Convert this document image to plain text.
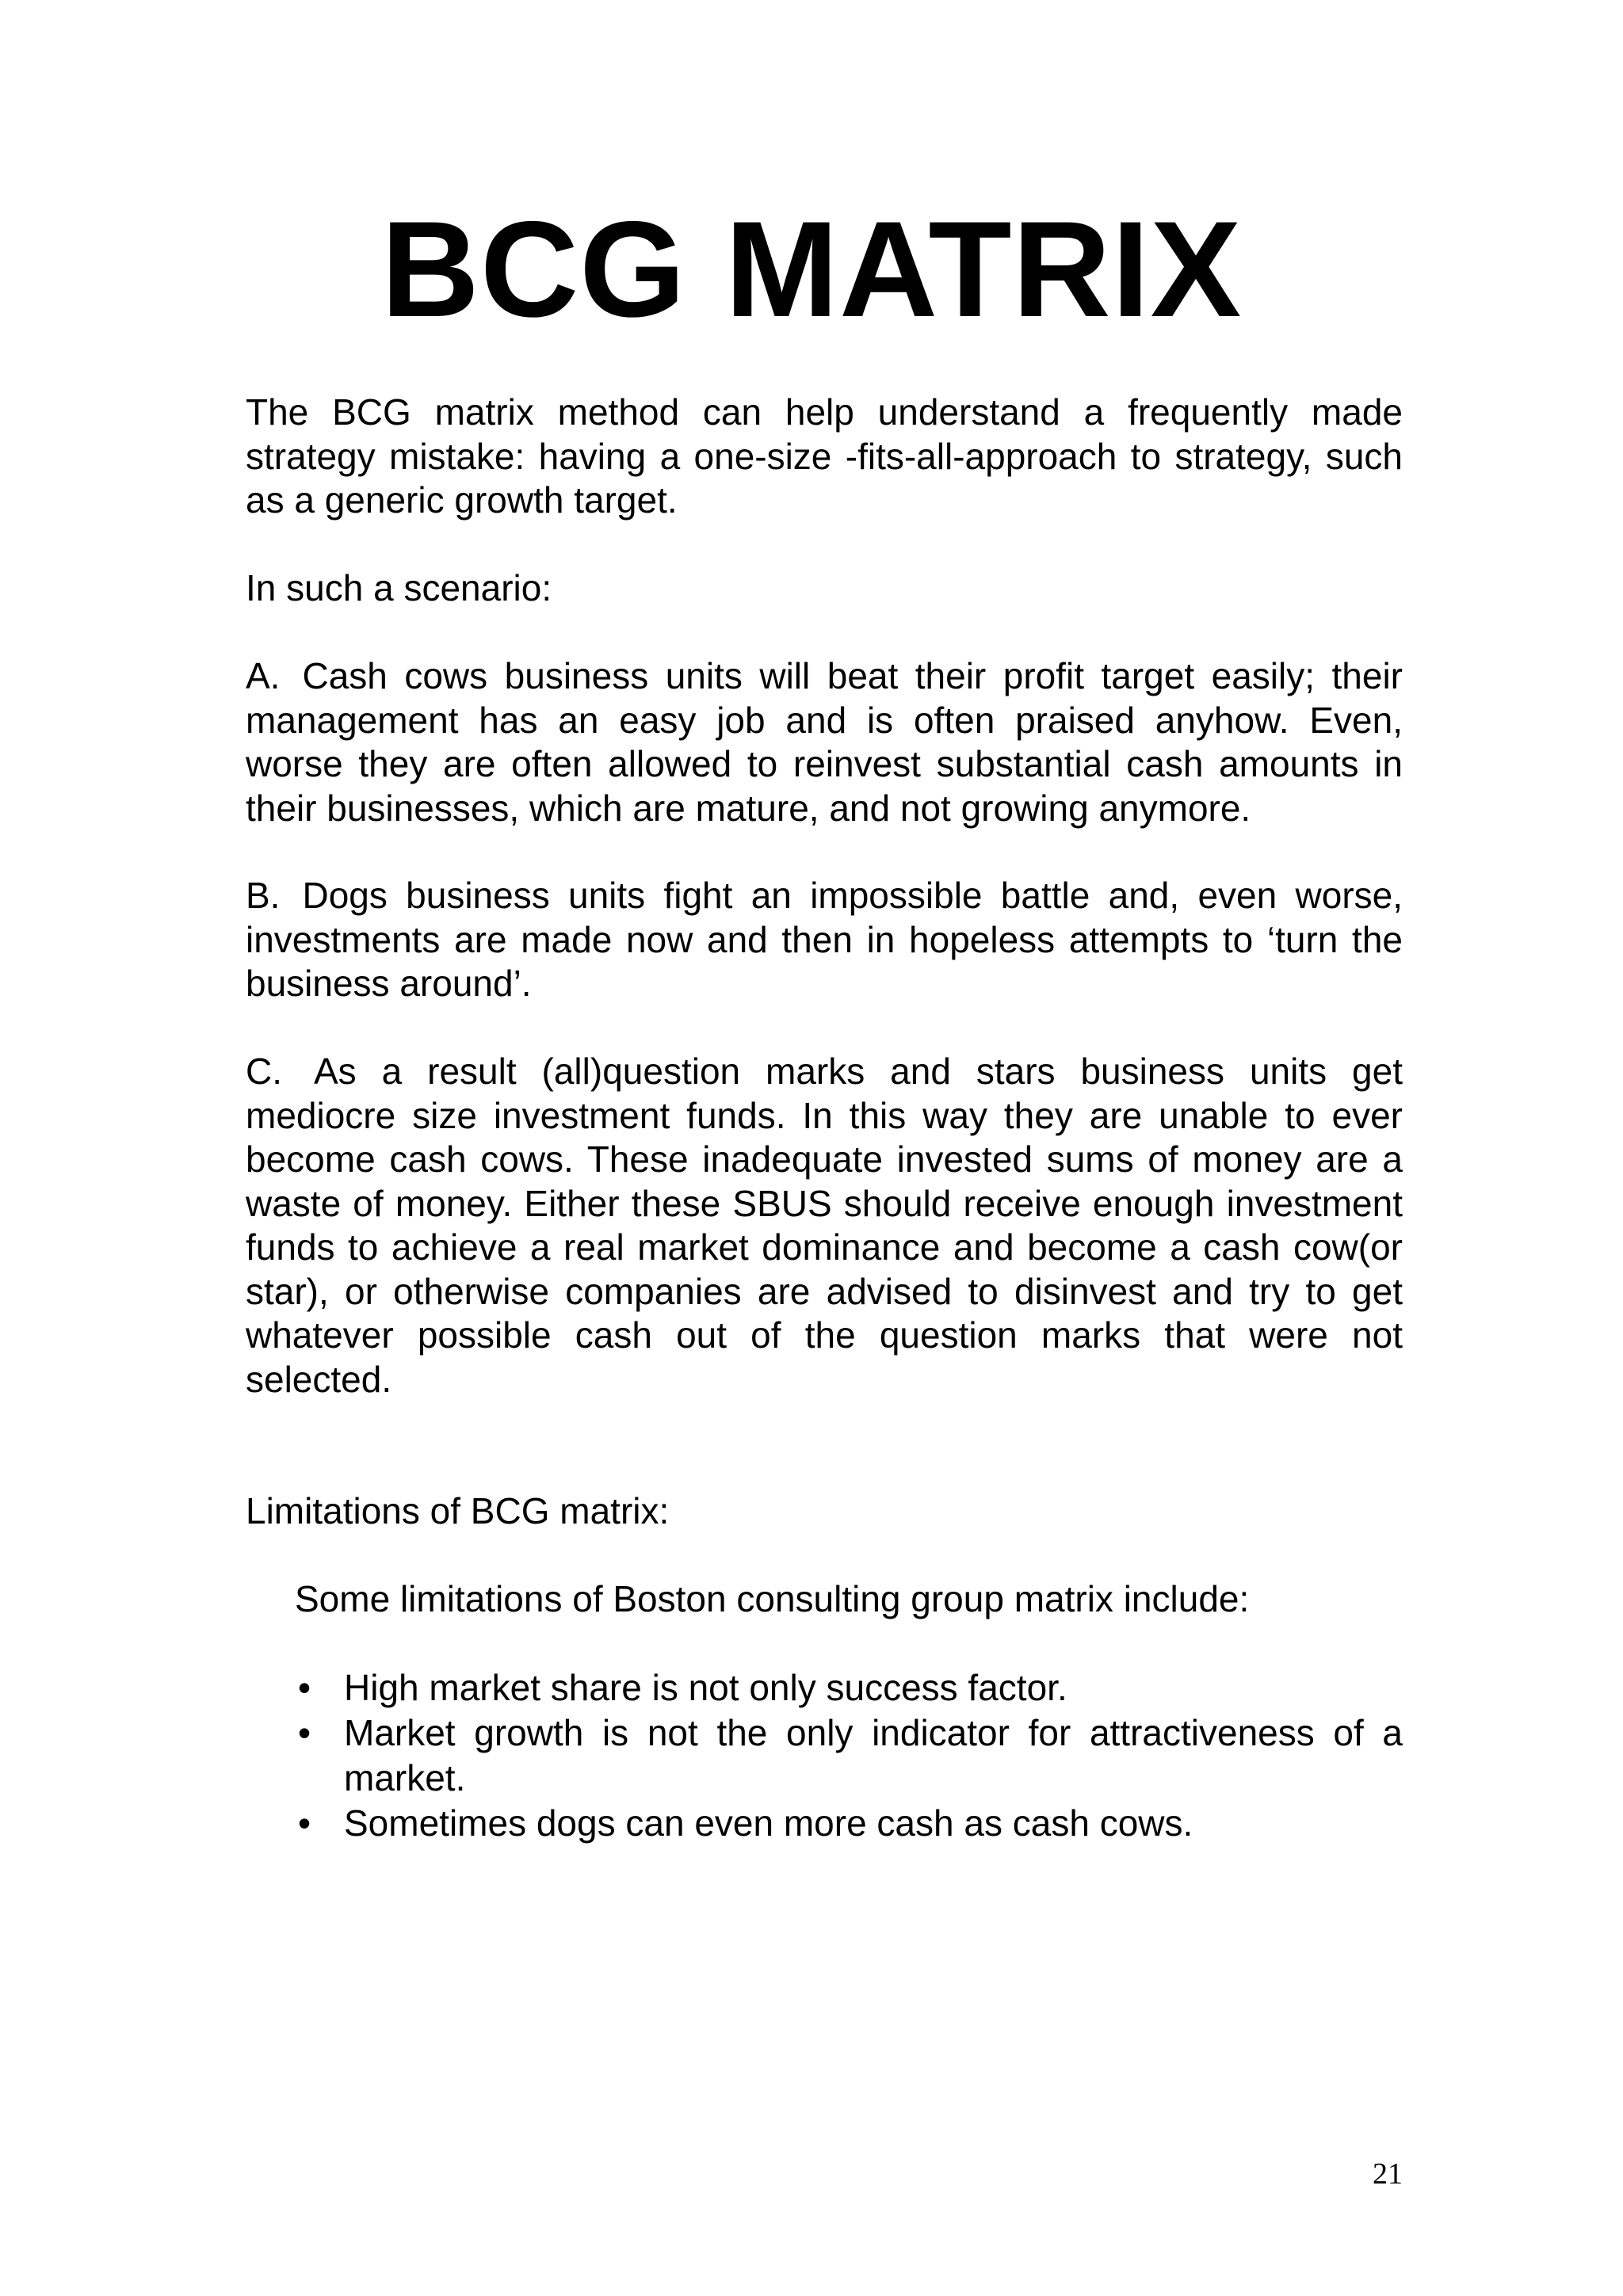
BCG MATRIX

The BCG matrix method can help understand a frequently made strategy mistake: having a one-size -fits-all-approach to strategy, such as a generic growth target.

In such a scenario:

A. Cash cows business units will beat their profit target easily; their management has an easy job and is often praised anyhow. Even, worse they are often allowed to reinvest substantial cash amounts in their businesses, which are mature, and not growing anymore.

B. Dogs business units fight an impossible battle and, even worse, investments are made now and then in hopeless attempts to ‘turn the business around’.

C. As a result (all)question marks and stars business units get mediocre size investment funds. In this way they are unable to ever become cash cows. These inadequate invested sums of money are a waste of money. Either these SBUS should receive enough investment funds to achieve a real market dominance and become a cash cow(or star), or otherwise companies are advised to disinvest and try to get whatever possible cash out of the question marks that were not selected.

Limitations of BCG matrix:

Some limitations of Boston consulting group matrix include:

• High market share is not only success factor.
• Market growth is not the only indicator for attractiveness of a market.
• Sometimes dogs can even more cash as cash cows.
21
